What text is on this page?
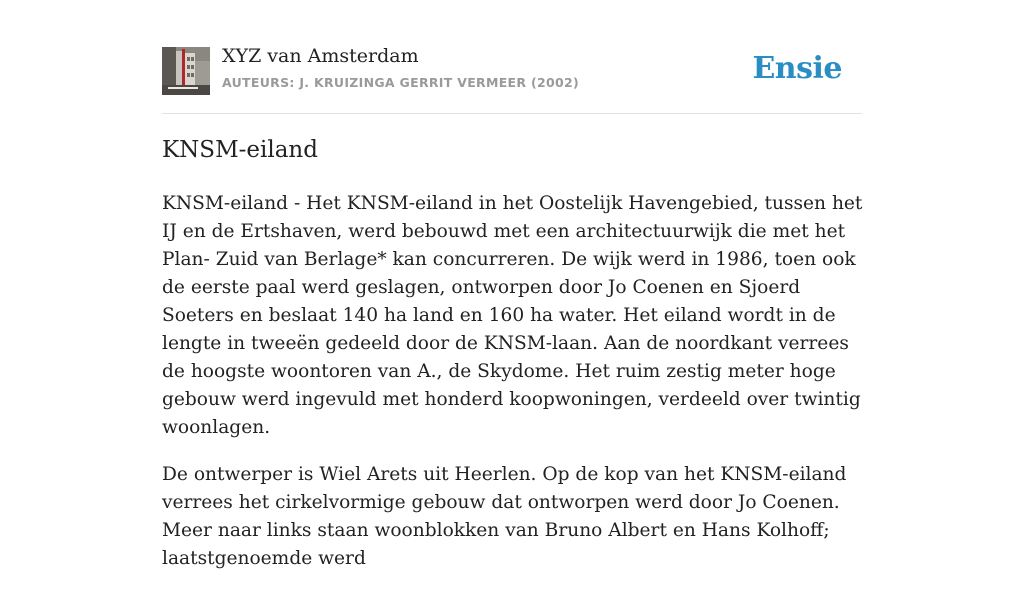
XYZ van Amsterdam
AUTEURS: J. KRUIZINGA GERRIT VERMEER (2002)	Ensie
KNSM-eiland

KNSM-eiland - Het KNSM-eiland in het Oostelijk Havengebied, tussen het IJ en de Ertshaven, werd bebouwd met een architectuurwijk die met het Plan- Zuid van Berlage* kan concurreren. De wijk werd in 1986, toen ook de eerste paal werd geslagen, ontworpen door Jo Coenen en Sjoerd Soeters en beslaat 140 ha land en 160 ha water. Het eiland wordt in de lengte in tweeën gedeeld door de KNSM-laan. Aan de noordkant verrees de hoogste woontoren van A., de Skydome. Het ruim zestig meter hoge gebouw werd ingevuld met honderd koopwoningen, verdeeld over twintig woonlagen.

De ontwerper is Wiel Arets uit Heerlen. Op de kop van het KNSM-eiland verrees het cirkelvormige gebouw dat ontworpen werd door Jo Coenen. Meer naar links staan woonblokken van Bruno Albert en Hans Kolhoff; laatstgenoemde werd
